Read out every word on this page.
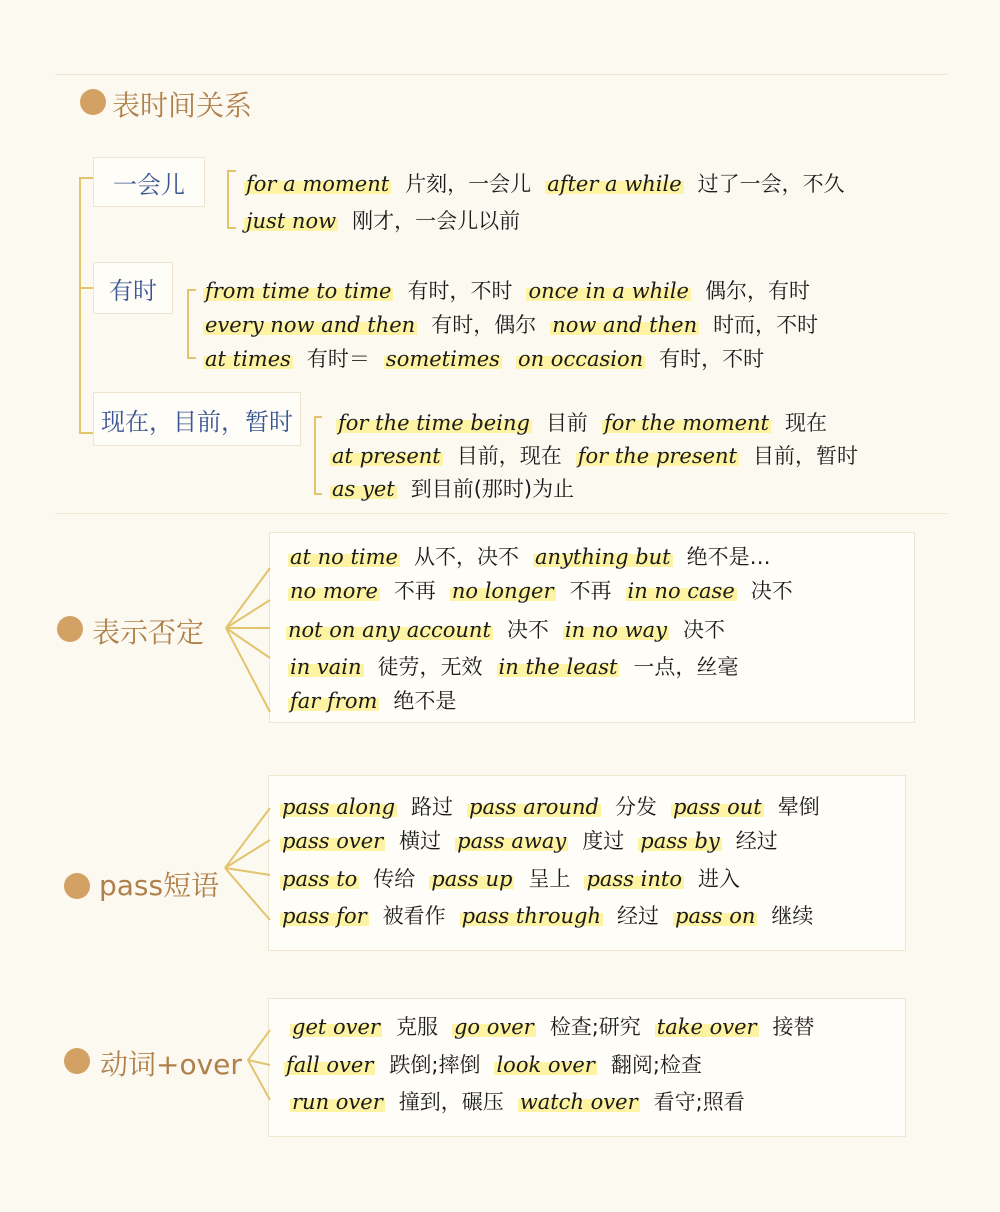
表时间关系
一会儿
有时
现在，目前，暂时
for a moment 片刻，一会儿 after a while 过了一会，不久
just now 刚才，一会儿以前
from time to time 有时，不时 once in a while 偶尔，有时
every now and then 有时，偶尔 now and then 时而，不时
at times 有时＝ sometimes on occasion 有时，不时
for the time being 目前 for the moment 现在
at present 目前，现在 for the present 目前，暂时
as yet 到目前(那时)为止
表示否定
at no time 从不，决不 anything but 绝不是…
no more 不再 no longer 不再 in no case 决不
not on any account 决不 in no way 决不
in vain 徒劳，无效 in the least 一点，丝毫
far from 绝不是
pass短语
pass along 路过 pass around 分发 pass out 晕倒
pass over 横过 pass away 度过 pass by 经过
pass to 传给 pass up 呈上 pass into 进入
pass for 被看作 pass through 经过 pass on 继续
动词+over
get over 克服 go over 检查;研究 take over 接替
fall over 跌倒;摔倒 look over 翻阅;检查
run over 撞到，碾压 watch over 看守;照看
